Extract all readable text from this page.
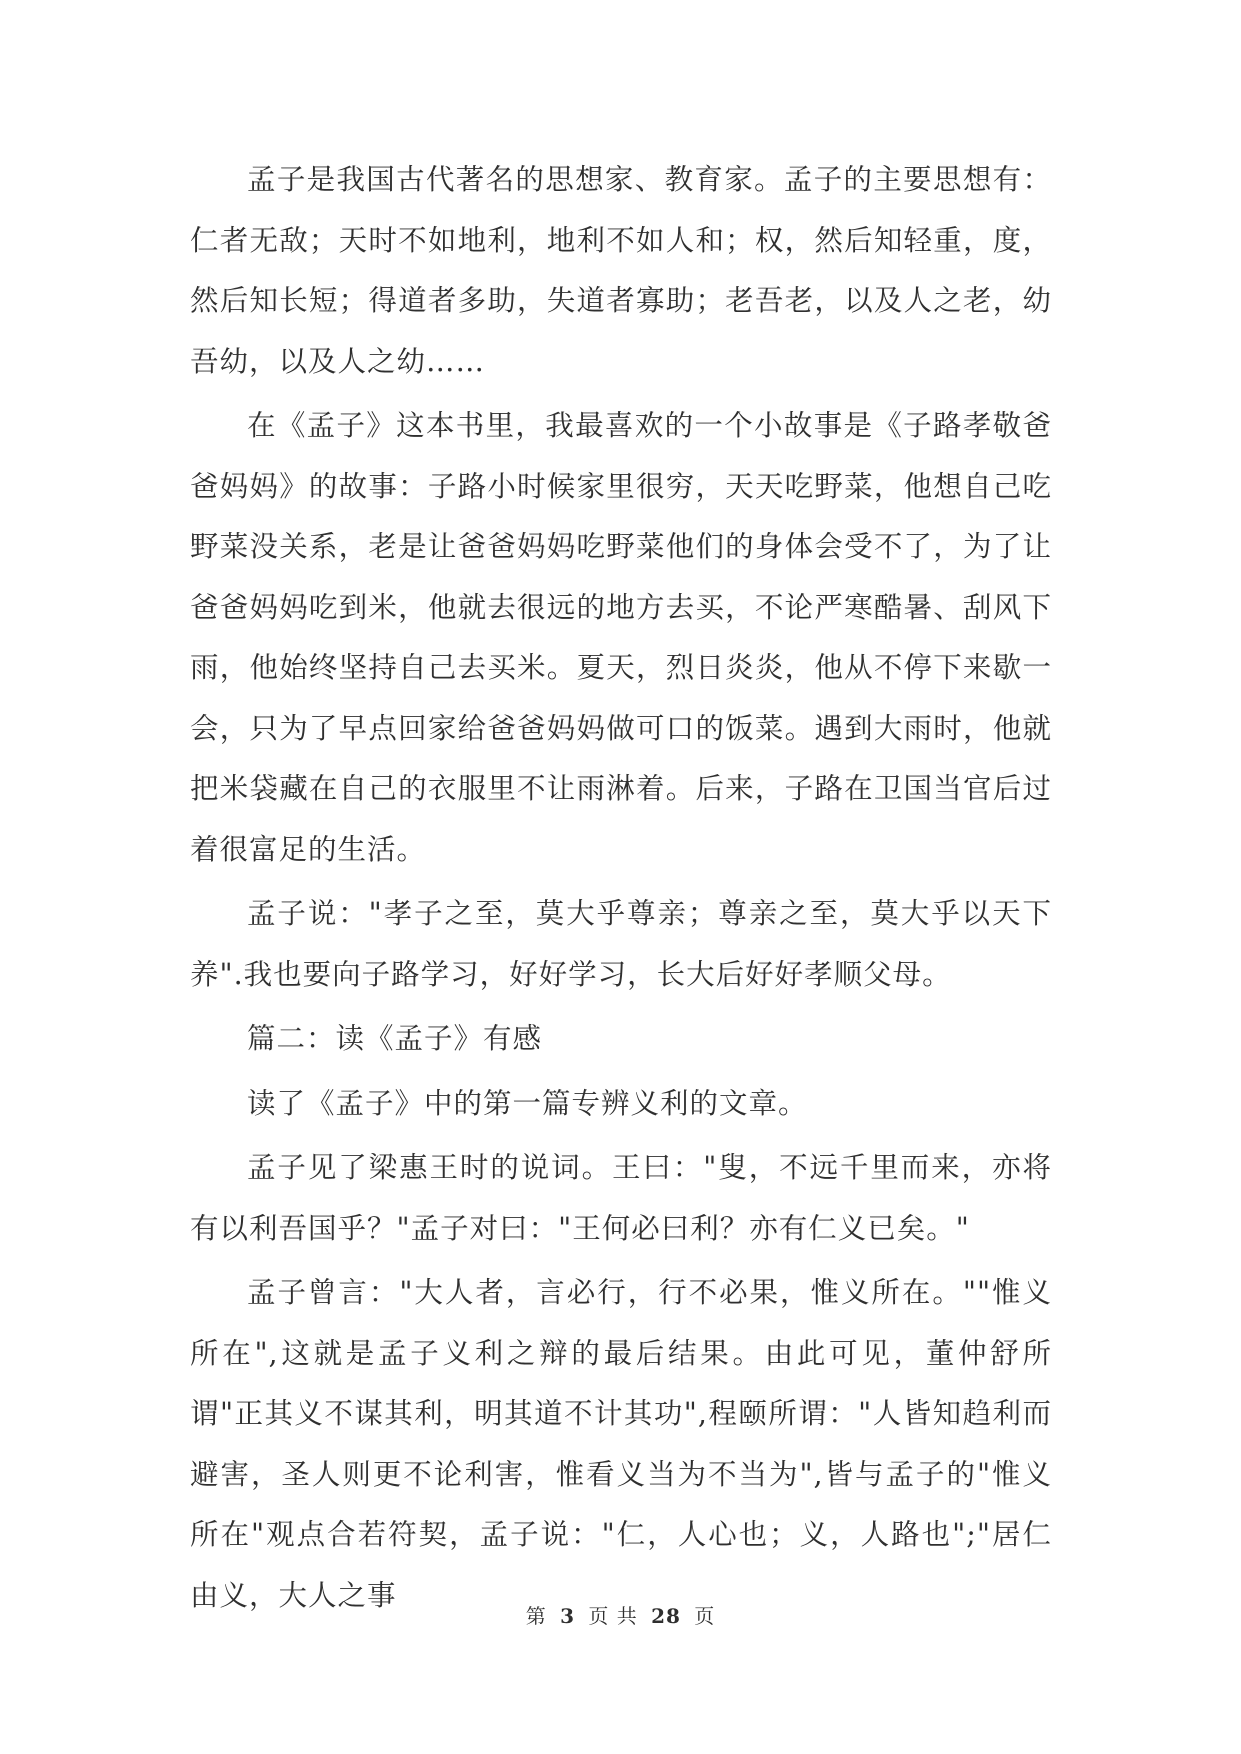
孟子是我国古代著名的思想家、教育家。孟子的主要思想有：仁者无敌；天时不如地利，地利不如人和；权，然后知轻重，度，然后知长短；得道者多助，失道者寡助；老吾老，以及人之老，幼吾幼，以及人之幼……

在《孟子》这本书里，我最喜欢的一个小故事是《子路孝敬爸爸妈妈》的故事：子路小时候家里很穷，天天吃野菜，他想自己吃野菜没关系，老是让爸爸妈妈吃野菜他们的身体会受不了，为了让爸爸妈妈吃到米，他就去很远的地方去买，不论严寒酷暑、刮风下雨，他始终坚持自己去买米。夏天，烈日炎炎，他从不停下来歇一会，只为了早点回家给爸爸妈妈做可口的饭菜。遇到大雨时，他就把米袋藏在自己的衣服里不让雨淋着。后来，子路在卫国当官后过着很富足的生活。

孟子说："孝子之至，莫大乎尊亲；尊亲之至，莫大乎以天下养".我也要向子路学习，好好学习，长大后好好孝顺父母。

篇二：读《孟子》有感

读了《孟子》中的第一篇专辨义利的文章。

孟子见了梁惠王时的说词。王曰："叟，不远千里而来，亦将有以利吾国乎？"孟子对曰："王何必曰利？亦有仁义已矣。"

孟子曾言："大人者，言必行，行不必果，惟义所在。""惟义所在",这就是孟子义利之辩的最后结果。由此可见，董仲舒所谓"正其义不谋其利，明其道不计其功",程颐所谓："人皆知趋利而避害，圣人则更不论利害，惟看义当为不当为",皆与孟子的"惟义所在"观点合若符契，孟子说："仁，人心也；义，人路也";"居仁由义，大人之事

第 3 页 共 28 页
